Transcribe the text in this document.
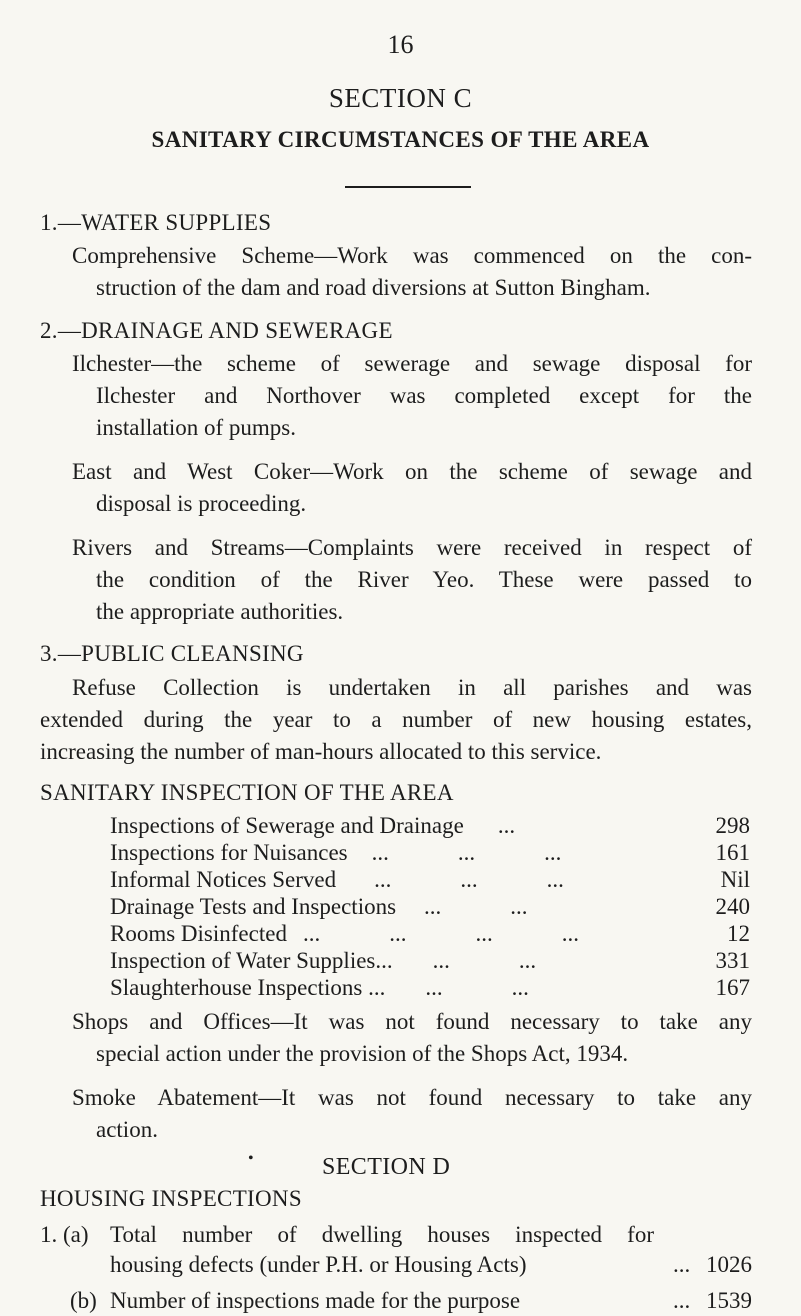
16
SECTION C
SANITARY CIRCUMSTANCES OF THE AREA
1.—WATER SUPPLIES
Comprehensive Scheme—Work was commenced on the con-
struction of the dam and road diversions at Sutton Bingham.
2.—DRAINAGE AND SEWERAGE
Ilchester—the scheme of sewerage and sewage disposal for
Ilchester and Northover was completed except for the
installation of pumps.
East and West Coker—Work on the scheme of sewage and
disposal is proceeding.
Rivers and Streams—Complaints were received in respect of
the condition of the River Yeo. These were passed to
the appropriate authorities.
3.—PUBLIC CLEANSING
Refuse Collection is undertaken in all parishes and was
extended during the year to a number of new housing estates,
increasing the number of man-hours allocated to this service.
SANITARY INSPECTION OF THE AREA
Inspections of Sewerage and Drainage ...	298
Inspections for Nuisances ...            ...            ...	161
Informal Notices Served ...            ...            ...	Nil
Drainage Tests and Inspections ...            ...	240
Rooms Disinfected ...            ...            ...            ...	12
Inspection of Water Supplies... ...            ...	331
Slaughterhouse Inspections ... ...            ...	167
Shops and Offices—It was not found necessary to take any
special action under the provision of the Shops Act, 1934.
Smoke Abatement—It was not found necessary to take any
action.
•	SECTION D
HOUSING INSPECTIONS
1. (a) Total number of dwelling houses inspected for
housing defects (under P.H. or Housing Acts)	... 1026
(b) Number of inspections made for the purpose	... 1539
